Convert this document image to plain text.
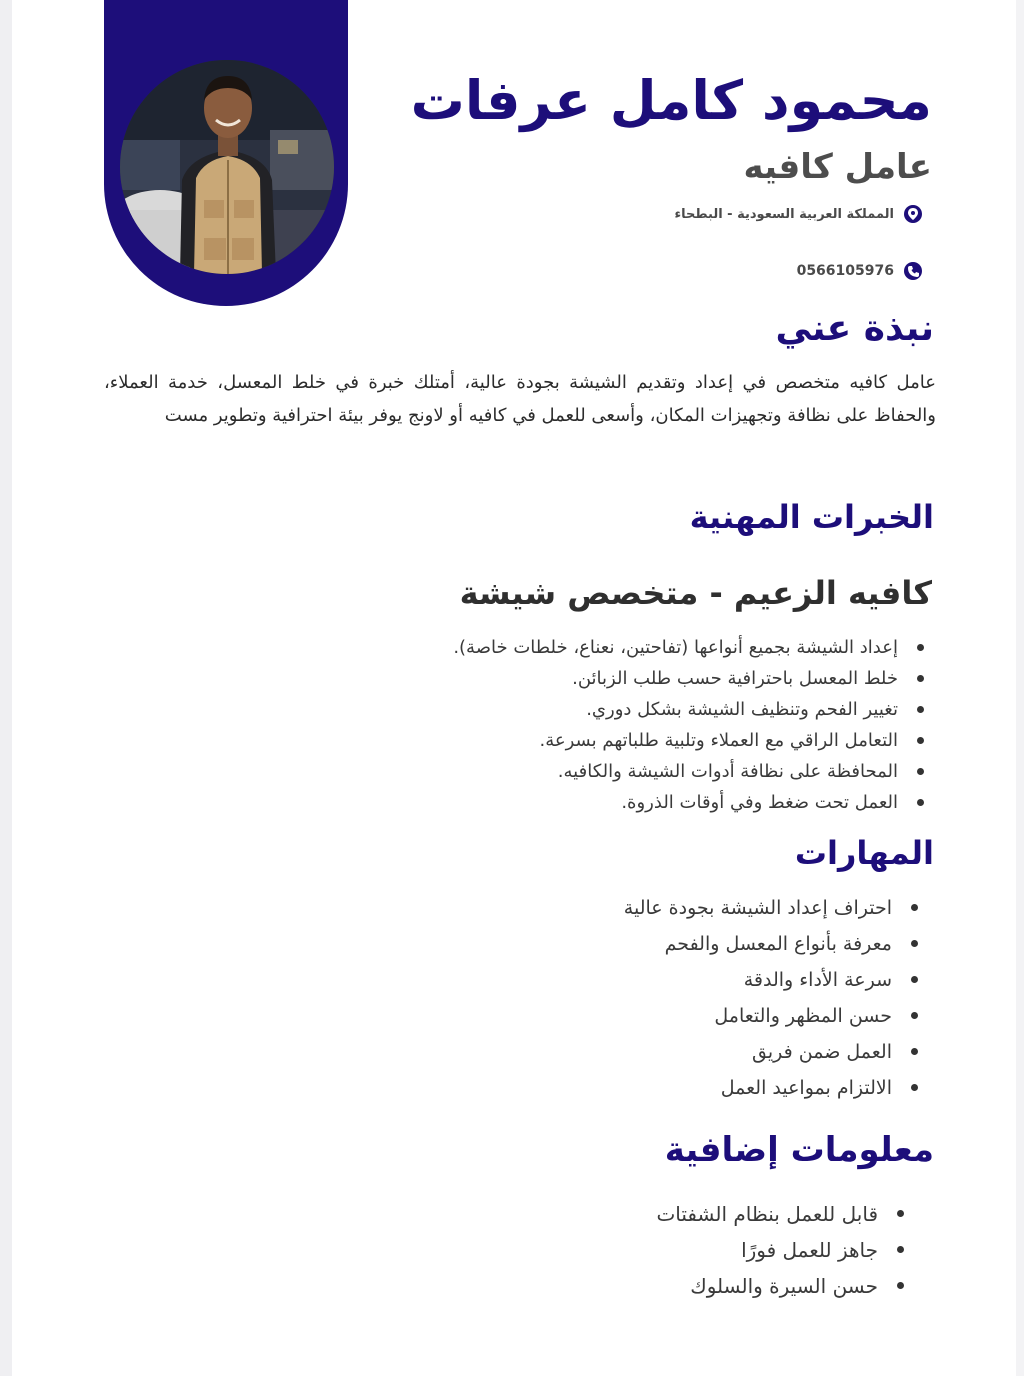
محمود كامل عرفات
عامل كافيه
المملكة العربية السعودية - البطحاء
0566105976
نبذة عني

عامل كافيه متخصص في إعداد وتقديم الشيشة بجودة عالية، أمتلك خبرة في خلط المعسل، خدمة العملاء، والحفاظ على نظافة وتجهيزات المكان، وأسعى للعمل في كافيه أو لاونج يوفر بيئة احترافية وتطوير مست

الخبرات المهنية
كافيه الزعيم - متخصص شيشة
إعداد الشيشة بجميع أنواعها (تفاحتين، نعناع، خلطات خاصة).
خلط المعسل باحترافية حسب طلب الزبائن.
تغيير الفحم وتنظيف الشيشة بشكل دوري.
التعامل الراقي مع العملاء وتلبية طلباتهم بسرعة.
المحافظة على نظافة أدوات الشيشة والكافيه.
العمل تحت ضغط وفي أوقات الذروة.
المهارات
احتراف إعداد الشيشة بجودة عالية
معرفة بأنواع المعسل والفحم
سرعة الأداء والدقة
حسن المظهر والتعامل
العمل ضمن فريق
الالتزام بمواعيد العمل
معلومات إضافية
قابل للعمل بنظام الشفتات
جاهز للعمل فورًا
حسن السيرة والسلوك
